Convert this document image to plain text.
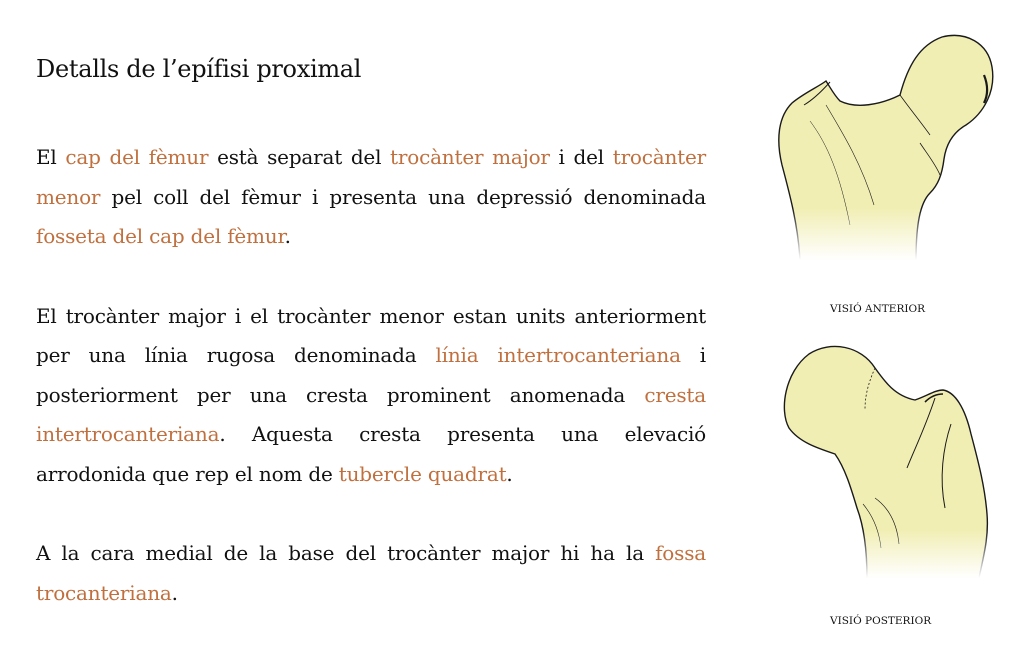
Detalls de l’epífisi proximal

El cap del fèmur està separat del trocànter major i del trocànter menor pel coll del fèmur i presenta una depressió denominada fosseta del cap del fèmur.

El trocànter major i el trocànter menor estan units anteriorment per una línia rugosa denominada línia intertrocanteriana i posteriorment per una cresta prominent anomenada cresta intertrocanteriana. Aquesta cresta presenta una elevació arrodonida que rep el nom de tubercle quadrat.

A la cara medial de la base del trocànter major hi ha la fossa trocanteriana.

VISIÓ ANTERIOR
VISIÓ POSTERIOR
